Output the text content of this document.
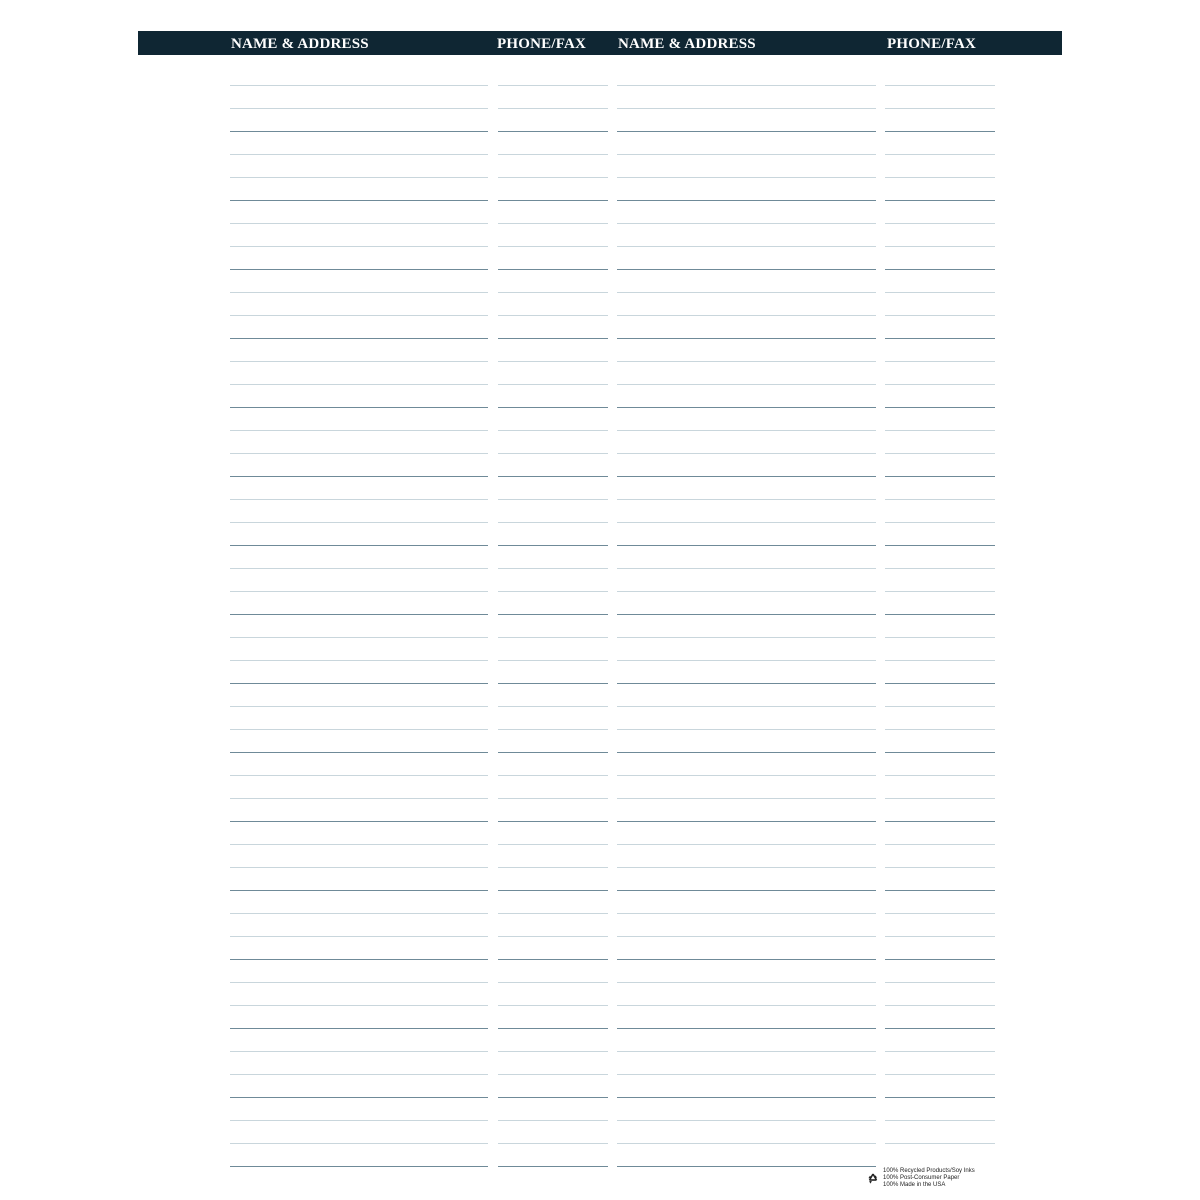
NAME & ADDRESS	PHONE/FAX NAME & ADDRESS	PHONE/FAX
100% Recycled Products/Soy Inks
100% Post-Consumer Paper
100% Made in the USA
